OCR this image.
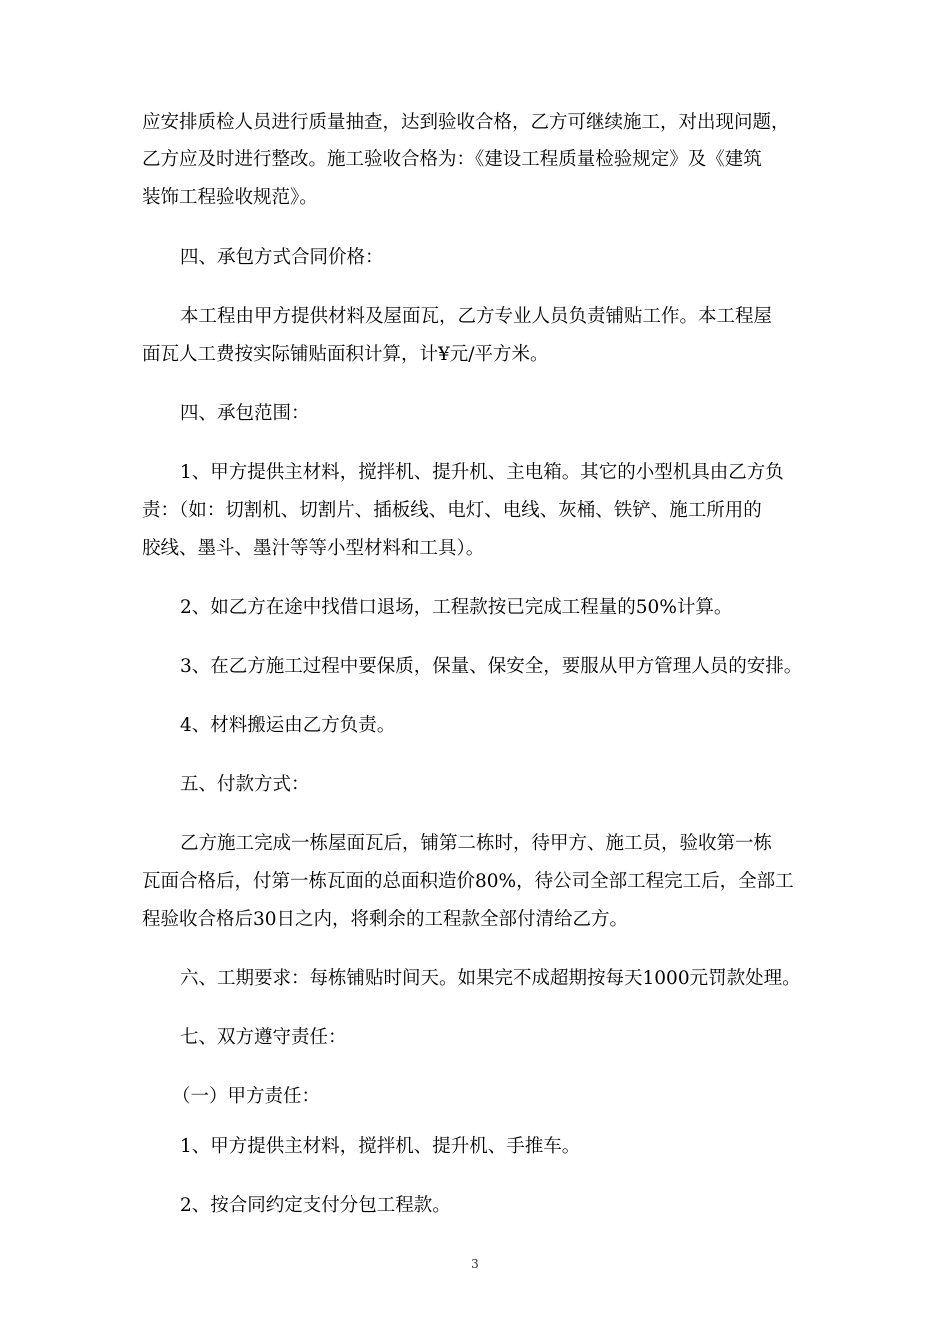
应安排质检人员进行质量抽查，达到验收合格，乙方可继续施工，对出现问题，

乙方应及时进行整改。施工验收合格为：《建设工程质量检验规定》及《建筑

装饰工程验收规范》。

四、承包方式合同价格：

本工程由甲方提供材料及屋面瓦，乙方专业人员负责铺贴工作。本工程屋

面瓦人工费按实际铺贴面积计算，计¥元/平方米。

四、承包范围：

1、甲方提供主材料，搅拌机、提升机、主电箱。其它的小型机具由乙方负

责：（如：切割机、切割片、插板线、电灯、电线、灰桶、铁铲、施工所用的

胶线、墨斗、墨汁等等小型材料和工具）。

2、如乙方在途中找借口退场，工程款按已完成工程量的50%计算。

3、在乙方施工过程中要保质，保量、保安全，要服从甲方管理人员的安排。

4、材料搬运由乙方负责。

五、付款方式：

乙方施工完成一栋屋面瓦后，铺第二栋时，待甲方、施工员，验收第一栋

瓦面合格后，付第一栋瓦面的总面积造价80%，待公司全部工程完工后，全部工

程验收合格后30日之内，将剩余的工程款全部付清给乙方。

六、工期要求：每栋铺贴时间天。如果完不成超期按每天1000元罚款处理。

七、双方遵守责任：

（一）甲方责任：

1、甲方提供主材料，搅拌机、提升机、手推车。

2、按合同约定支付分包工程款。

3
